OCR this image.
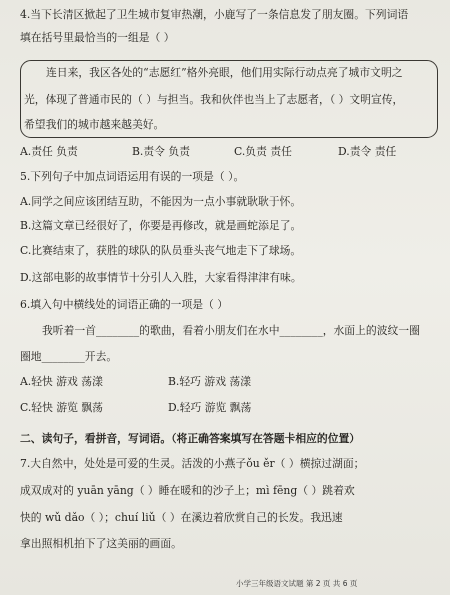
4.当下长清区掀起了卫生城市复审热潮，小鹿写了一条信息发了朋友圈。下列词语
填在括号里最恰当的一组是（ ）
连日来，我区各处的“志愿红”格外亮眼，他们用实际行动点亮了城市文明之
光，体现了普通市民的（ ）与担当。我和伙伴也当上了志愿者，（ ）文明宣传，
希望我们的城市越来越美好。
A.责任 负责	B.责令 负责	C.负责 责任	D.责令 责任
5.下列句子中加点词语运用有误的一项是（ ）。
A.同学之间应该团结互助，不能因为一点小事就耿耿于怀。
B.这篇文章已经很好了，你要是再修改，就是画蛇添足了。
C.比赛结束了，获胜的球队的队员垂头丧气地走下了球场。
D.这部电影的故事情节十分引人入胜，大家看得津津有味。
6.填入句中横线处的词语正确的一项是（ ）
我听着一首________的歌曲，看着小朋友们在水中________，水面上的波纹一圈
圈地________开去。
A.轻快 游戏 荡漾	B.轻巧 游戏 荡漾
C.轻快 游览 飘荡	D.轻巧 游览 飘荡
二、读句子，看拼音，写词语。（将正确答案填写在答题卡相应的位置）
7.大自然中，处处是可爱的生灵。活泼的小燕子ǒu ěr（ ）横掠过湖面；
成双成对的 yuān yāng（ ）睡在暖和的沙子上；mì fēng（ ）跳着欢
快的 wǔ dǎo（ ）；chuí liǔ（ ）在溪边着欣赏自己的长发。我迅速
拿出照相机拍下了这美丽的画面。
小学三年级语文试题 第 2 页 共 6 页
